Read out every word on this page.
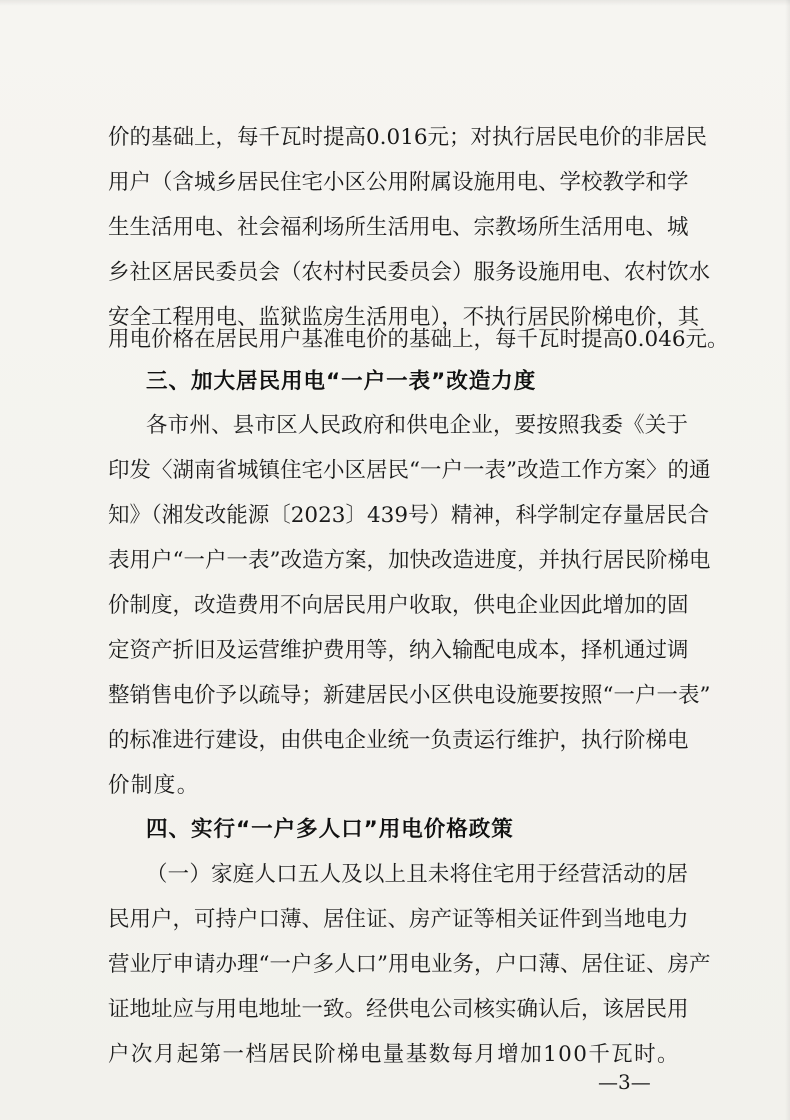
价的基础上，每千瓦时提高0.016元；对执行居民电价的非居民
用户（含城乡居民住宅小区公用附属设施用电、学校教学和学
生生活用电、社会福利场所生活用电、宗教场所生活用电、城
乡社区居民委员会（农村村民委员会）服务设施用电、农村饮水
安全工程用电、监狱监房生活用电），不执行居民阶梯电价，其
用电价格在居民用户基准电价的基础上，每千瓦时提高0.046元。
三、加大居民用电“一户一表”改造力度
各市州、县市区人民政府和供电企业，要按照我委《关于
印发〈湖南省城镇住宅小区居民“一户一表”改造工作方案〉的通
知》（湘发改能源〔2023〕439号）精神，科学制定存量居民合
表用户“一户一表”改造方案，加快改造进度，并执行居民阶梯电
价制度，改造费用不向居民用户收取，供电企业因此增加的固
定资产折旧及运营维护费用等，纳入输配电成本，择机通过调
整销售电价予以疏导；新建居民小区供电设施要按照“一户一表”
的标准进行建设，由供电企业统一负责运行维护，执行阶梯电
价制度。
四、实行“一户多人口”用电价格政策
（一）家庭人口五人及以上且未将住宅用于经营活动的居
民用户，可持户口薄、居住证、房产证等相关证件到当地电力
营业厅申请办理“一户多人口”用电业务，户口薄、居住证、房产
证地址应与用电地址一致。经供电公司核实确认后，该居民用
户次月起第一档居民阶梯电量基数每月增加100千瓦时。
—3—
